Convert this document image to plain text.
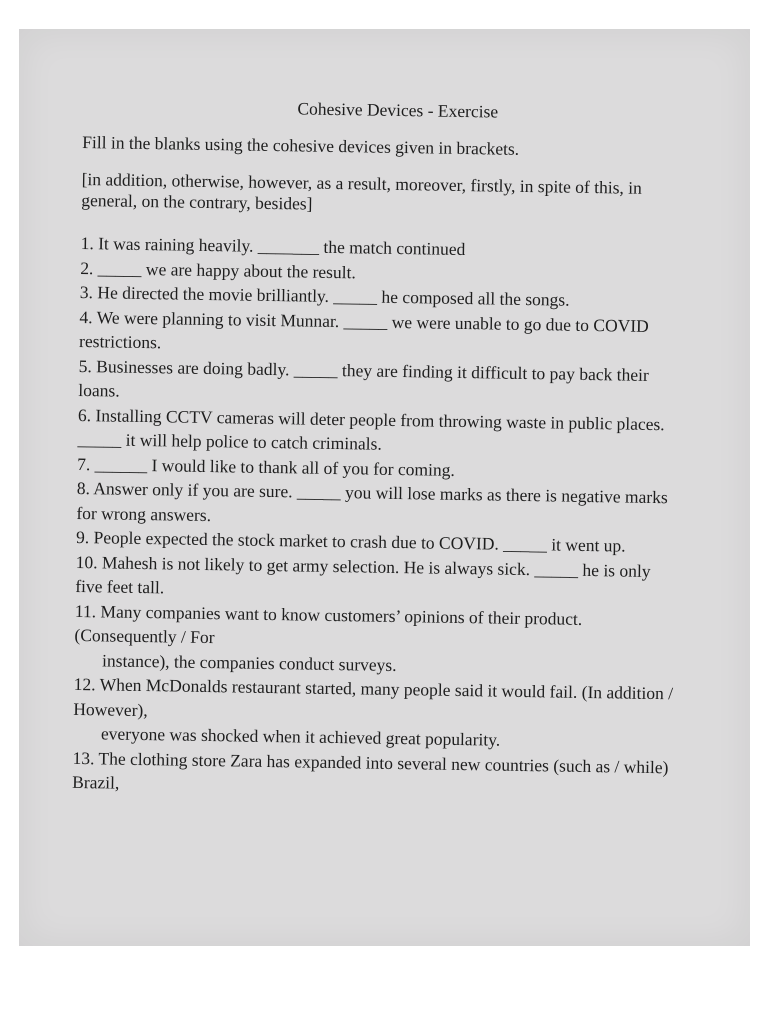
Cohesive Devices - Exercise
Fill in the blanks using the cohesive devices given in brackets.
[in addition, otherwise, however, as a result, moreover, firstly, in spite of this, in general, on the contrary, besides]

1. It was raining heavily. _______ the match continued

2. _____ we are happy about the result.

3. He directed the movie brilliantly. _____ he composed all the songs.

4. We were planning to visit Munnar. _____ we were unable to go due to COVID restrictions.

5. Businesses are doing badly. _____ they are finding it difficult to pay back their loans.

6. Installing CCTV cameras will deter people from throwing waste in public places. _____ it will help police to catch criminals.

7. ______ I would like to thank all of you for coming.

8. Answer only if you are sure. _____ you will lose marks as there is negative marks for wrong answers.

9. People expected the stock market to crash due to COVID. _____ it went up.

10. Mahesh is not likely to get army selection. He is always sick. _____ he is only five feet tall.

11. Many companies want to know customers’ opinions of their product. (Consequently / For

instance), the companies conduct surveys.

12. When McDonalds restaurant started, many people said it would fail. (In addition / However),

everyone was shocked when it achieved great popularity.

13. The clothing store Zara has expanded into several new countries (such as / while) Brazil,
